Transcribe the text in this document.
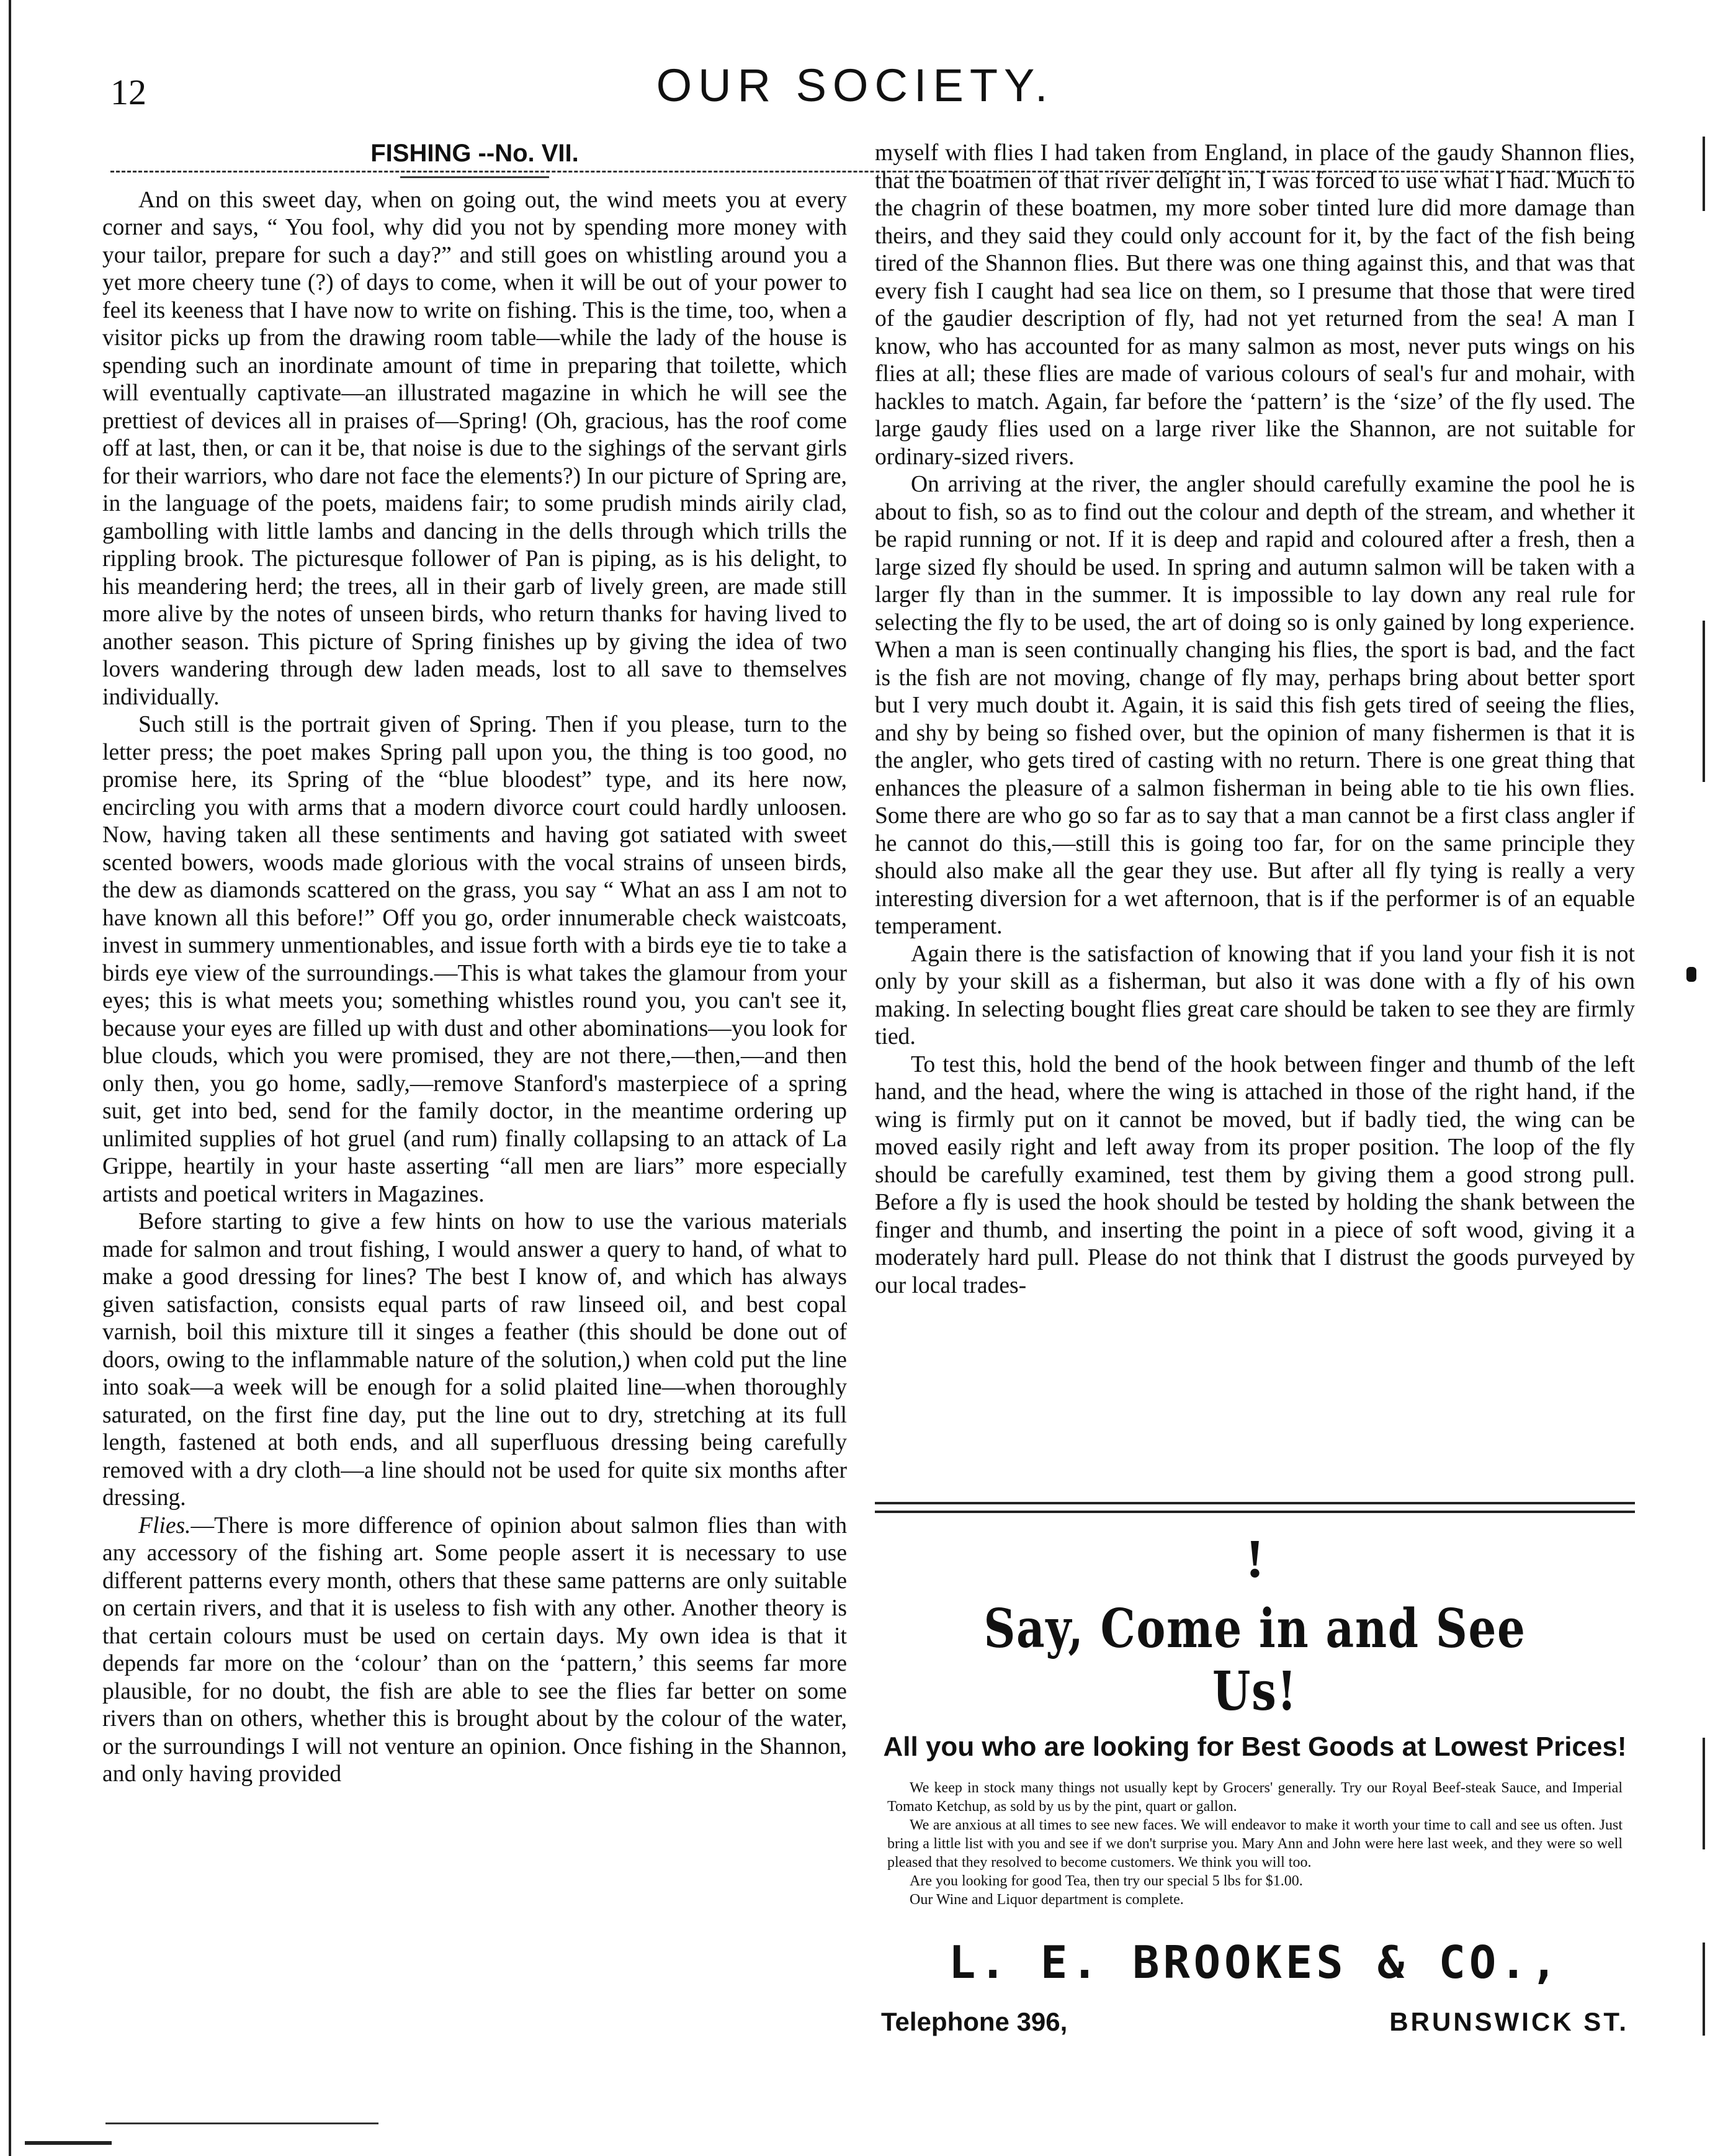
12	OUR SOCIETY.
FISHING --No. VII.

And on this sweet day, when on going out, the wind meets you at every corner and says, “ You fool, why did you not by spending more money with your tailor, prepare for such a day?” and still goes on whistling around you a yet more cheery tune (?) of days to come, when it will be out of your power to feel its keeness that I have now to write on fishing. This is the time, too, when a visitor picks up from the drawing room table—while the lady of the house is spending such an inordinate amount of time in preparing that toilette, which will eventually captivate—an illustrated magazine in which he will see the prettiest of devices all in praises of—Spring! (Oh, gracious, has the roof come off at last, then, or can it be, that noise is due to the sighings of the servant girls for their warriors, who dare not face the elements?) In our picture of Spring are, in the language of the poets, maidens fair; to some prudish minds airily clad, gambolling with little lambs and dancing in the dells through which trills the rippling brook. The picturesque follower of Pan is piping, as is his delight, to his meandering herd; the trees, all in their garb of lively green, are made still more alive by the notes of unseen birds, who return thanks for having lived to another season. This picture of Spring finishes up by giving the idea of two lovers wandering through dew laden meads, lost to all save to themselves individually.

Such still is the portrait given of Spring. Then if you please, turn to the letter press; the poet makes Spring pall upon you, the thing is too good, no promise here, its Spring of the “blue bloodest” type, and its here now, encircling you with arms that a modern divorce court could hardly unloosen. Now, having taken all these sentiments and having got satiated with sweet scented bowers, woods made glorious with the vocal strains of unseen birds, the dew as diamonds scattered on the grass, you say “ What an ass I am not to have known all this before!” Off you go, order innumerable check waistcoats, invest in summery unmentionables, and issue forth with a birds eye tie to take a birds eye view of the surroundings.—This is what takes the glamour from your eyes; this is what meets you; something whistles round you, you can't see it, because your eyes are filled up with dust and other abominations—you look for blue clouds, which you were promised, they are not there,—then,—and then only then, you go home, sadly,—remove Stanford's masterpiece of a spring suit, get into bed, send for the family doctor, in the meantime ordering up unlimited supplies of hot gruel (and rum) finally collapsing to an attack of La Grippe, heartily in your haste asserting “all men are liars” more especially artists and poetical writers in Magazines.

Before starting to give a few hints on how to use the various materials made for salmon and trout fishing, I would answer a query to hand, of what to make a good dressing for lines? The best I know of, and which has always given satisfaction, consists equal parts of raw linseed oil, and best copal varnish, boil this mixture till it singes a feather (this should be done out of doors, owing to the inflammable nature of the solution,) when cold put the line into soak—a week will be enough for a solid plaited line—when thoroughly saturated, on the first fine day, put the line out to dry, stretching at its full length, fastened at both ends, and all superfluous dressing being carefully removed with a dry cloth—a line should not be used for quite six months after dressing.

Flies.—There is more difference of opinion about salmon flies than with any accessory of the fishing art. Some people assert it is necessary to use different patterns every month, others that these same patterns are only suitable on certain rivers, and that it is useless to fish with any other. Another theory is that certain colours must be used on certain days. My own idea is that it depends far more on the ‘colour’ than on the ‘pattern,’ this seems far more plausible, for no doubt, the fish are able to see the flies far better on some rivers than on others, whether this is brought about by the colour of the water, or the surroundings I will not venture an opinion. Once fishing in the Shannon, and only having provided

myself with flies I had taken from England, in place of the gaudy Shannon flies, that the boatmen of that river delight in, I was forced to use what I had. Much to the chagrin of these boatmen, my more sober tinted lure did more damage than theirs, and they said they could only account for it, by the fact of the fish being tired of the Shannon flies. But there was one thing against this, and that was that every fish I caught had sea lice on them, so I presume that those that were tired of the gaudier description of fly, had not yet returned from the sea! A man I know, who has accounted for as many salmon as most, never puts wings on his flies at all; these flies are made of various colours of seal's fur and mohair, with hackles to match. Again, far before the ‘pattern’ is the ‘size’ of the fly used. The large gaudy flies used on a large river like the Shannon, are not suitable for ordinary-sized rivers.

On arriving at the river, the angler should carefully examine the pool he is about to fish, so as to find out the colour and depth of the stream, and whether it be rapid running or not. If it is deep and rapid and coloured after a fresh, then a large sized fly should be used. In spring and autumn salmon will be taken with a larger fly than in the summer. It is impossible to lay down any real rule for selecting the fly to be used, the art of doing so is only gained by long experience. When a man is seen continually changing his flies, the sport is bad, and the fact is the fish are not moving, change of fly may, perhaps bring about better sport but I very much doubt it. Again, it is said this fish gets tired of seeing the flies, and shy by being so fished over, but the opinion of many fishermen is that it is the angler, who gets tired of casting with no return. There is one great thing that enhances the pleasure of a salmon fisherman in being able to tie his own flies. Some there are who go so far as to say that a man cannot be a first class angler if he cannot do this,—still this is going too far, for on the same principle they should also make all the gear they use. But after all fly tying is really a very interesting diversion for a wet afternoon, that is if the performer is of an equable temperament.

Again there is the satisfaction of knowing that if you land your fish it is not only by your skill as a fisherman, but also it was done with a fly of his own making. In selecting bought flies great care should be taken to see they are firmly tied.

To test this, hold the bend of the hook between finger and thumb of the left hand, and the head, where the wing is attached in those of the right hand, if the wing is firmly put on it cannot be moved, but if badly tied, the wing can be moved easily right and left away from its proper position. The loop of the fly should be carefully examined, test them by giving them a good strong pull. Before a fly is used the hook should be tested by holding the shank between the finger and thumb, and inserting the point in a piece of soft wood, giving it a moderately hard pull. Please do not think that I distrust the goods purveyed by our local trades-

!
Say, Come in and See Us!
All you who are looking for Best Goods at Lowest Prices!

We keep in stock many things not usually kept by Grocers' generally. Try our Royal Beef-steak Sauce, and Imperial Tomato Ketchup, as sold by us by the pint, quart or gallon.

We are anxious at all times to see new faces. We will endeavor to make it worth your time to call and see us often. Just bring a little list with you and see if we don't surprise you. Mary Ann and John were here last week, and they were so well pleased that they resolved to become customers. We think you will too.

Are you looking for good Tea, then try our special 5 lbs for $1.00.

Our Wine and Liquor department is complete.

L. E. BROOKES & CO.,
Telephone 396,	BRUNSWICK ST.
